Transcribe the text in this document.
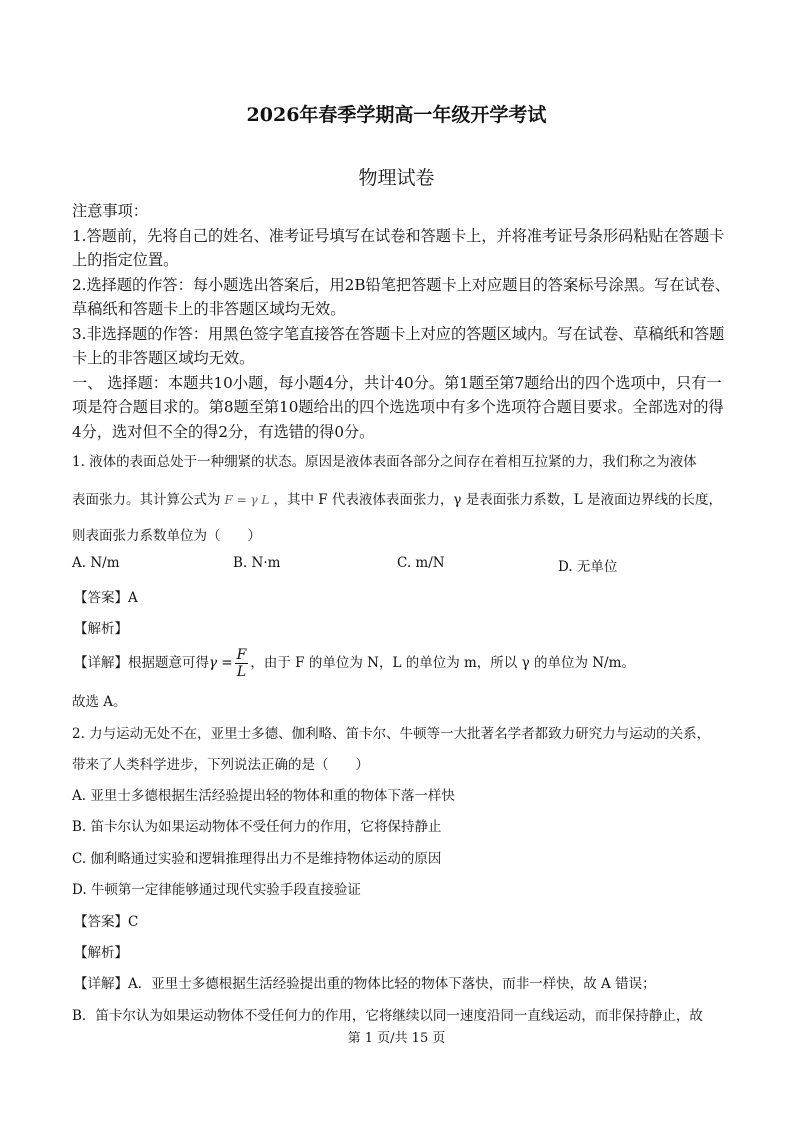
2026年春季学期高一年级开学考试
物理试卷

注意事项：

1.答题前，先将自己的姓名、准考证号填写在试卷和答题卡上，并将准考证号条形码粘贴在答题卡上的指定位置。

2.选择题的作答：每小题选出答案后，用2B铅笔把答题卡上对应题目的答案标号涂黑。写在试卷、草稿纸和答题卡上的非答题区域均无效。

3.非选择题的作答：用黑色签字笔直接答在答题卡上对应的答题区域内。写在试卷、草稿纸和答题卡上的非答题区域均无效。

一、 选择题：本题共10小题，每小题4分，共计40分。第1题至第7题给出的四个选项中，只有一项是符合题目求的。第8题至第10题给出的四个选选项中有多个选项符合题目要求。全部选对的得4分，选对但不全的得2分，有选错的得0分。

1. 液体的表面总处于一种绷紧的状态。原因是液体表面各部分之间存在着相互拉紧的力，我们称之为液体
表面张力。其计算公式为 F = γ L ，其中 F 代表液体表面张力，γ 是表面张力系数，L 是液面边界线的长度，
则表面张力系数单位为（　　）
A. N/m	B. N·m	C. m/N	D. 无单位
【答案】A
【解析】
【详解】根据题意可得$\gamma = \frac{F}{L}$ ，由于 F 的单位为 N，L 的单位为 m，所以 γ 的单位为 N/m。
故选 A。
2. 力与运动无处不在，亚里士多德、伽利略、笛卡尔、牛顿等一大批著名学者都致力研究力与运动的关系，
带来了人类科学进步，下列说法正确的是（　　）
A. 亚里士多德根据生活经验提出轻的物体和重的物体下落一样快
B. 笛卡尔认为如果运动物体不受任何力的作用，它将保持静止
C. 伽利略通过实验和逻辑推理得出力不是维持物体运动的原因
D. 牛顿第一定律能够通过现代实验手段直接验证
【答案】C
【解析】
【详解】A．亚里士多德根据生活经验提出重的物体比轻的物体下落快，而非一样快，故 A 错误；
B．笛卡尔认为如果运动物体不受任何力的作用，它将继续以同一速度沿同一直线运动，而非保持静止，故
第 1 页/共 15 页
